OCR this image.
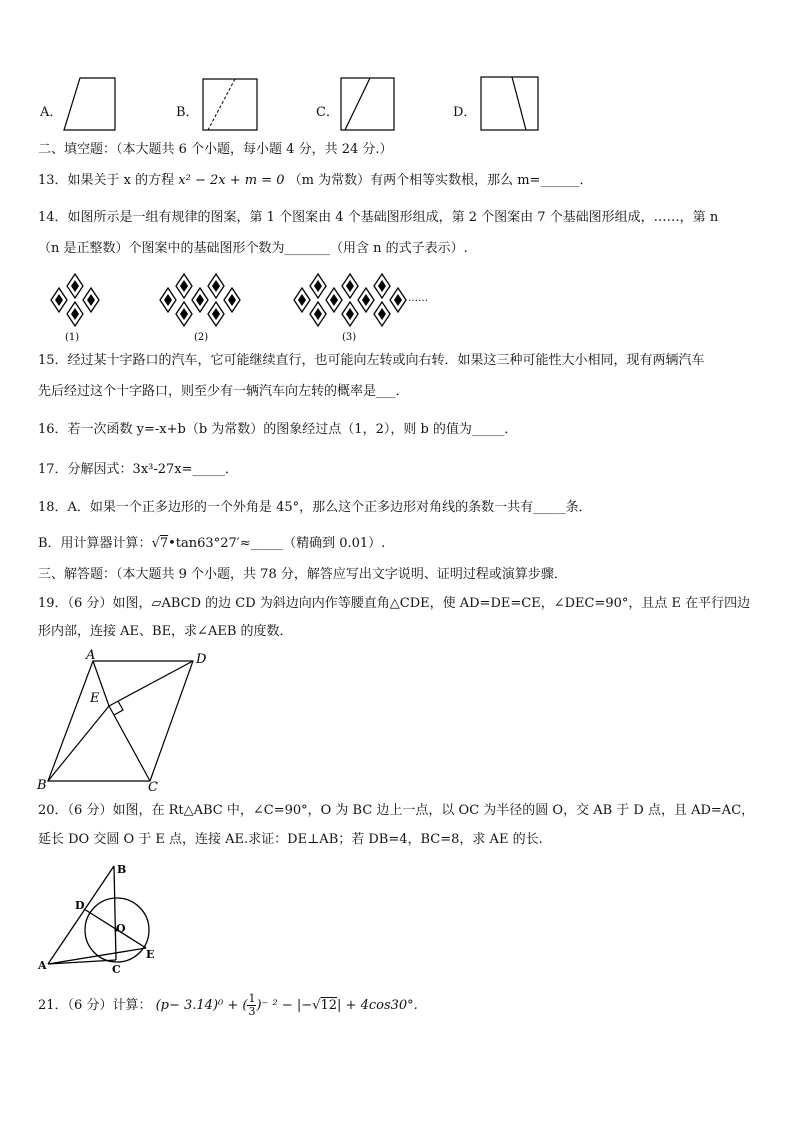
A．	B．	C．	D．
二、填空题：（本大题共 6 个小题，每小题 4 分，共 24 分.）
13．如果关于 x 的方程 x² − 2x + m = 0 （m 为常数）有两个相等实数根，那么 m=______．
14．如图所示是一组有规律的图案，第 1 个图案由 4 个基础图形组成，第 2 个图案由 7 个基础图形组成，……，第 n
（n 是正整数）个图案中的基础图形个数为_______（用含 n 的式子表示）.
(1)	(2)	(3)
……
15．经过某十字路口的汽车，它可能继续直行，也可能向左转或向右转．如果这三种可能性大小相同，现有两辆汽车
先后经过这个十字路口，则至少有一辆汽车向左转的概率是___．
16．若一次函数 y=-x+b（b 为常数）的图象经过点（1，2），则 b 的值为_____．
17．分解因式：3x³-27x=_____．
18．A．如果一个正多边形的一个外角是 45°，那么这个正多边形对角线的条数一共有_____条．
B．用计算器计算：√7•tan63°27′≈_____（精确到 0.01）.
三、解答题：（本大题共 9 个小题，共 78 分，解答应写出文字说明、证明过程或演算步骤．
19．（6 分）如图，▱ABCD 的边 CD 为斜边向内作等腰直角△CDE，使 AD=DE=CE，∠DEC=90°，且点 E 在平行四边
形内部，连接 AE、BE，求∠AEB 的度数．
A	D
E
B	C
20．（6 分）如图，在 Rt△ABC 中，∠C=90°，O 为 BC 边上一点，以 OC 为半径的圆 O，交 AB 于 D 点，且 AD=AC，
延长 DO 交圆 O 于 E 点，连接 AE.求证：DE⊥AB；若 DB=4，BC=8，求 AE 的长.
B
D
O
E
A	C
21．（6 分）计算： (p− 3.14)⁰ + ( $\frac{1}{3}$ )⁻ ² − |−√12| + 4cos30°.
